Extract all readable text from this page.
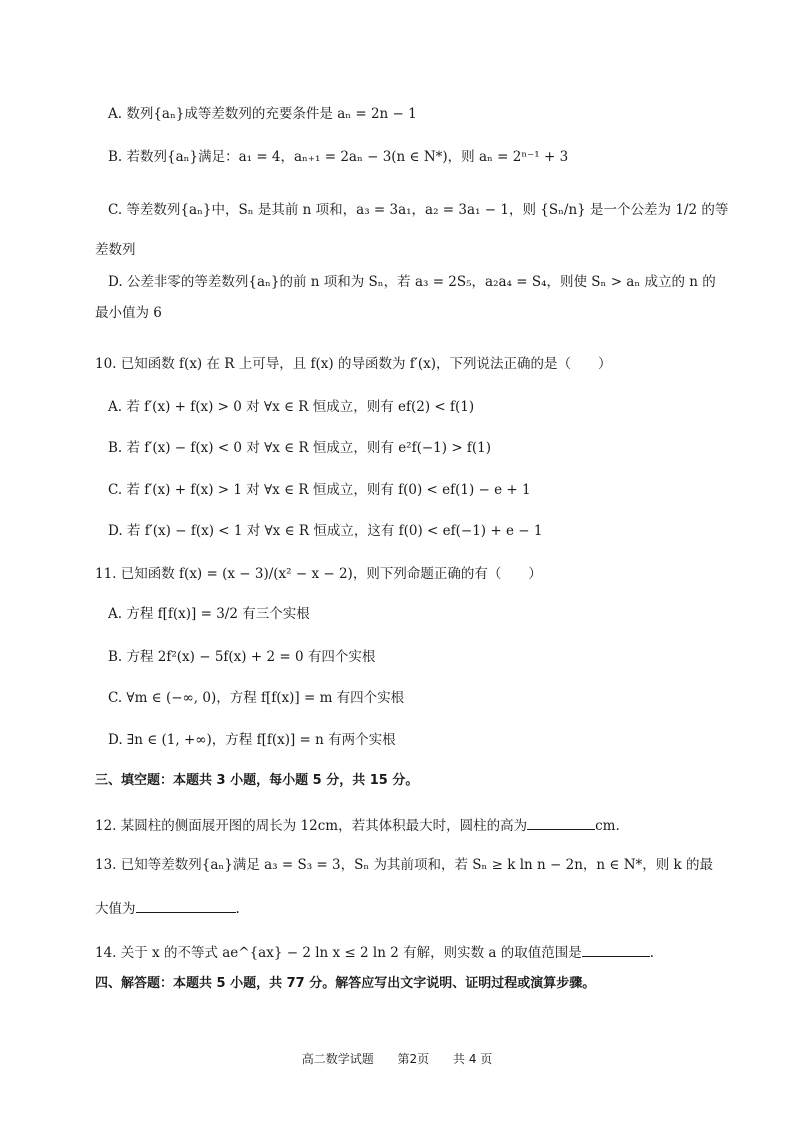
A. 数列{aₙ}成等差数列的充要条件是 aₙ = 2n − 1
B. 若数列{aₙ}满足：a₁ = 4，aₙ₊₁ = 2aₙ − 3(n ∈ N*)，则 aₙ = 2ⁿ⁻¹ + 3
C. 等差数列{aₙ}中，Sₙ 是其前 n 项和，a₃ = 3a₁，a₂ = 3a₁ − 1，则 {Sₙ/n} 是一个公差为 1/2 的等
差数列
D. 公差非零的等差数列{aₙ}的前 n 项和为 Sₙ，若 a₃ = 2S₅，a₂a₄ = S₄，则使 Sₙ > aₙ 成立的 n 的
最小值为 6
10. 已知函数 f(x) 在 R 上可导，且 f(x) 的导函数为 f′(x)，下列说法正确的是（　　）
A. 若 f′(x) + f(x) > 0 对 ∀x ∈ R 恒成立，则有 ef(2) < f(1)
B. 若 f′(x) − f(x) < 0 对 ∀x ∈ R 恒成立，则有 e²f(−1) > f(1)
C. 若 f′(x) + f(x) > 1 对 ∀x ∈ R 恒成立，则有 f(0) < ef(1) − e + 1
D. 若 f′(x) − f(x) < 1 对 ∀x ∈ R 恒成立，这有 f(0) < ef(−1) + e − 1
11. 已知函数 f(x) = (x − 3)/(x² − x − 2)，则下列命题正确的有（　　）
A. 方程 f[f(x)] = 3/2 有三个实根
B. 方程 2f²(x) − 5f(x) + 2 = 0 有四个实根
C. ∀m ∈ (−∞, 0)，方程 f[f(x)] = m 有四个实根
D. ∃n ∈ (1, +∞)，方程 f[f(x)] = n 有两个实根
三、填空题：本题共 3 小题，每小题 5 分，共 15 分。
12. 某圆柱的侧面展开图的周长为 12cm，若其体积最大时，圆柱的高为	cm.
13. 已知等差数列{aₙ}满足 a₃ = S₃ = 3，Sₙ 为其前项和，若 Sₙ ≥ k ln n − 2n，n ∈ N*，则 k 的最
大值为	.
14. 关于 x 的不等式 ae^{ax} − 2 ln x ≤ 2 ln 2 有解，则实数 a 的取值范围是	.
四、解答题：本题共 5 小题，共 77 分。解答应写出文字说明、证明过程或演算步骤。
高二数学试题 第2页 共 4 页
